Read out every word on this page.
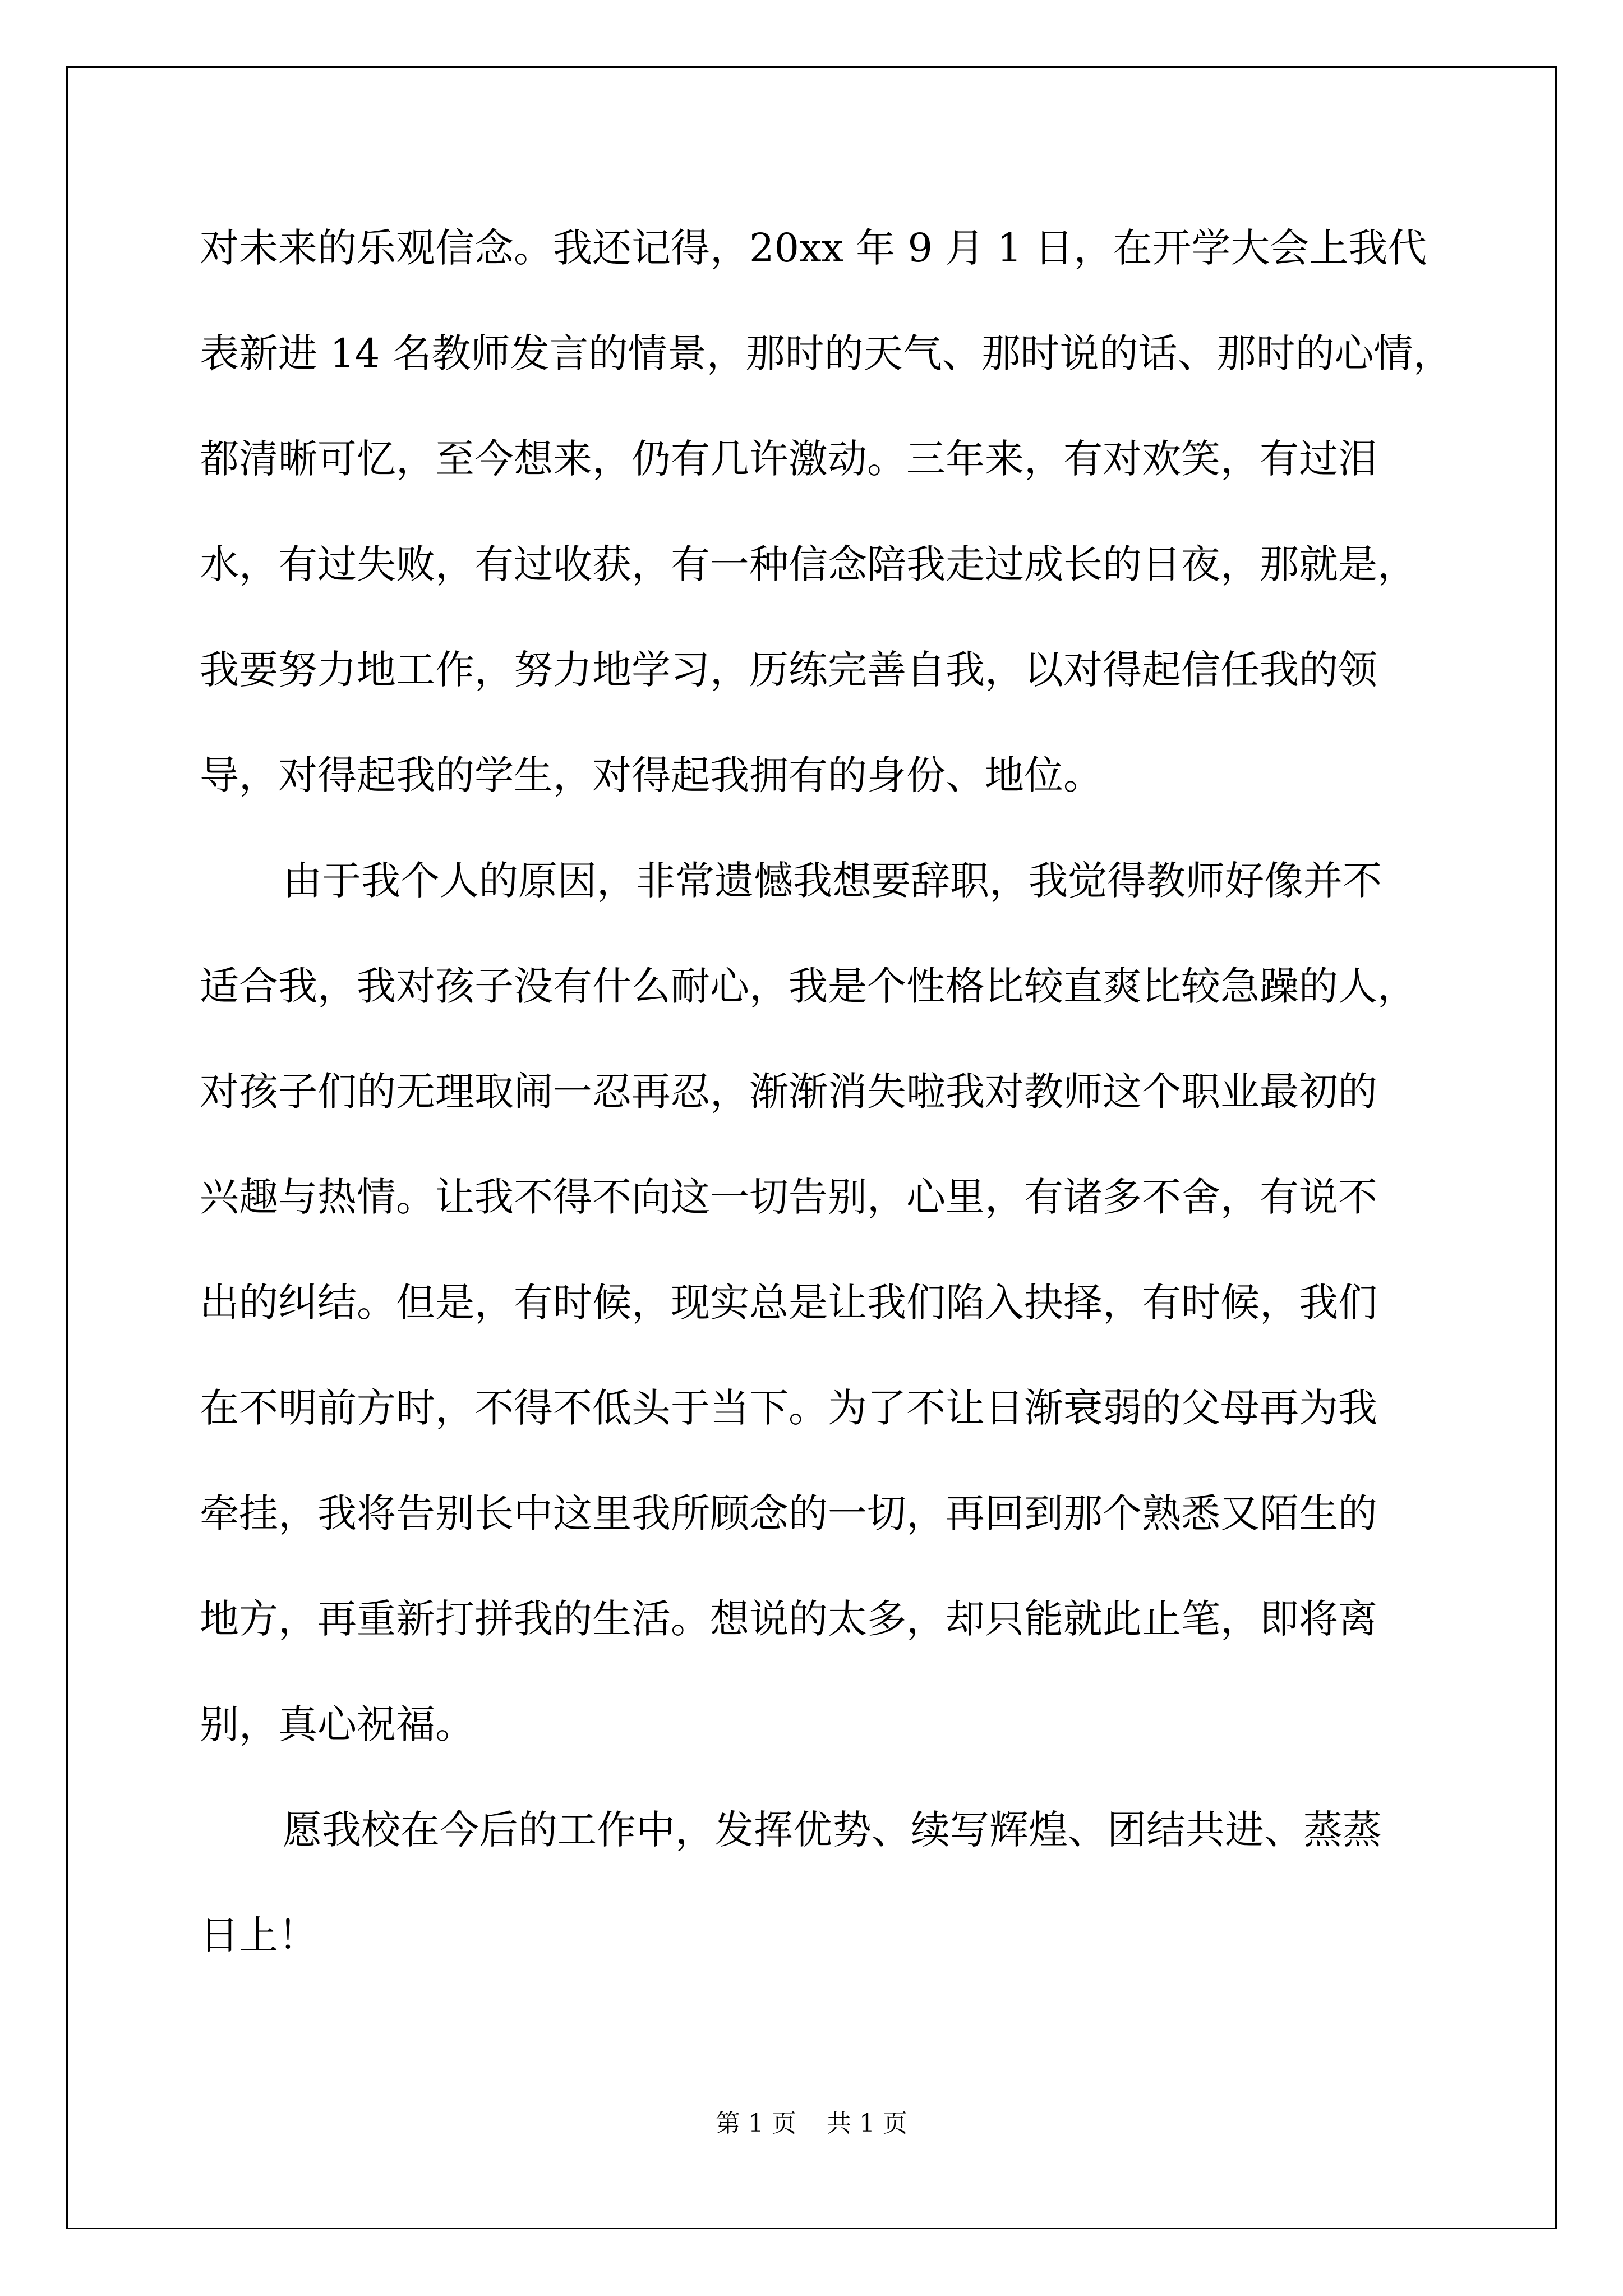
对未来的乐观信念。我还记得，20xx 年 9 月 1 日，在开学大会上我代
表新进 14 名教师发言的情景，那时的天气、那时说的话、那时的心情，
都清晰可忆，至今想来，仍有几许激动。三年来，有对欢笑，有过泪
水，有过失败，有过收获，有一种信念陪我走过成长的日夜，那就是，
我要努力地工作，努力地学习，历练完善自我，以对得起信任我的领
导，对得起我的学生，对得起我拥有的身份、地位。
由于我个人的原因，非常遗憾我想要辞职，我觉得教师好像并不
适合我，我对孩子没有什么耐心，我是个性格比较直爽比较急躁的人，
对孩子们的无理取闹一忍再忍，渐渐消失啦我对教师这个职业最初的
兴趣与热情。让我不得不向这一切告别，心里，有诸多不舍，有说不
出的纠结。但是，有时候，现实总是让我们陷入抉择，有时候，我们
在不明前方时，不得不低头于当下。为了不让日渐衰弱的父母再为我
牵挂，我将告别长中这里我所顾念的一切，再回到那个熟悉又陌生的
地方，再重新打拼我的生活。想说的太多，却只能就此止笔，即将离
别，真心祝福。
愿我校在今后的工作中，发挥优势、续写辉煌、团结共进、蒸蒸
日上！
第 1 页 共 1 页
